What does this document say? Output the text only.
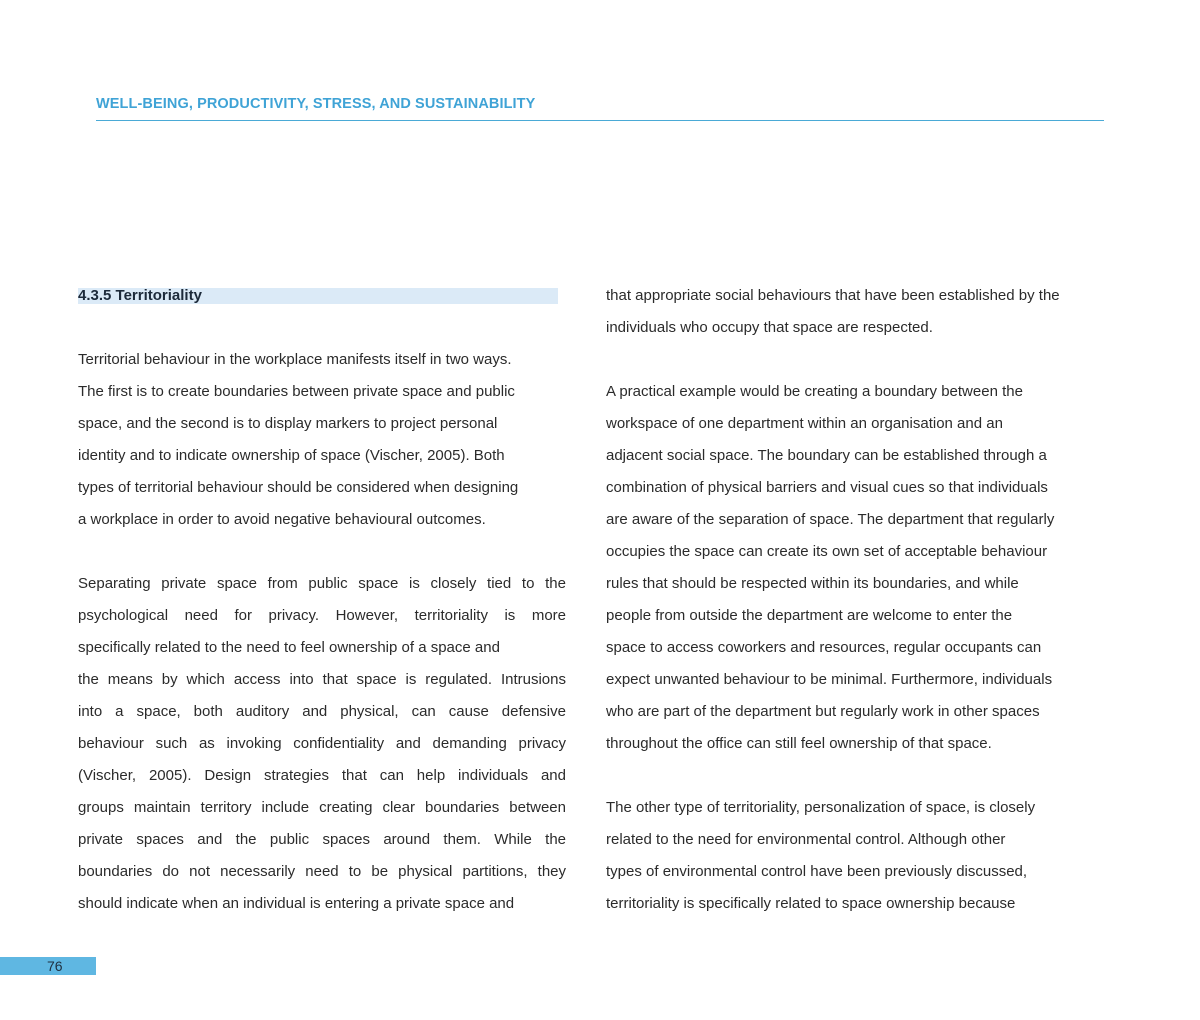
WELL-BEING, PRODUCTIVITY, STRESS, AND SUSTAINABILITY
4.3.5 Territoriality
Territorial behaviour in the workplace manifests itself in two ways.
The first is to create boundaries between private space and public
space, and the second is to display markers to project personal
identity and to indicate ownership of space (Vischer, 2005). Both
types of territorial behaviour should be considered when designing
a workplace in order to avoid negative behavioural outcomes.
Separating private space from public space is closely tied to the
psychological need for privacy. However, territoriality is more
specifically related to the need to feel ownership of a space and
the means by which access into that space is regulated. Intrusions
into a space, both auditory and physical, can cause defensive
behaviour such as invoking confidentiality and demanding privacy
(Vischer, 2005). Design strategies that can help individuals and
groups maintain territory include creating clear boundaries between
private spaces and the public spaces around them. While the
boundaries do not necessarily need to be physical partitions, they
should indicate when an individual is entering a private space and
that appropriate social behaviours that have been established by the
individuals who occupy that space are respected.
A practical example would be creating a boundary between the
workspace of one department within an organisation and an
adjacent social space. The boundary can be established through a
combination of physical barriers and visual cues so that individuals
are aware of the separation of space. The department that regularly
occupies the space can create its own set of acceptable behaviour
rules that should be respected within its boundaries, and while
people from outside the department are welcome to enter the
space to access coworkers and resources, regular occupants can
expect unwanted behaviour to be minimal. Furthermore, individuals
who are part of the department but regularly work in other spaces
throughout the office can still feel ownership of that space.
The other type of territoriality, personalization of space, is closely
related to the need for environmental control. Although other
types of environmental control have been previously discussed,
territoriality is specifically related to space ownership because
76
